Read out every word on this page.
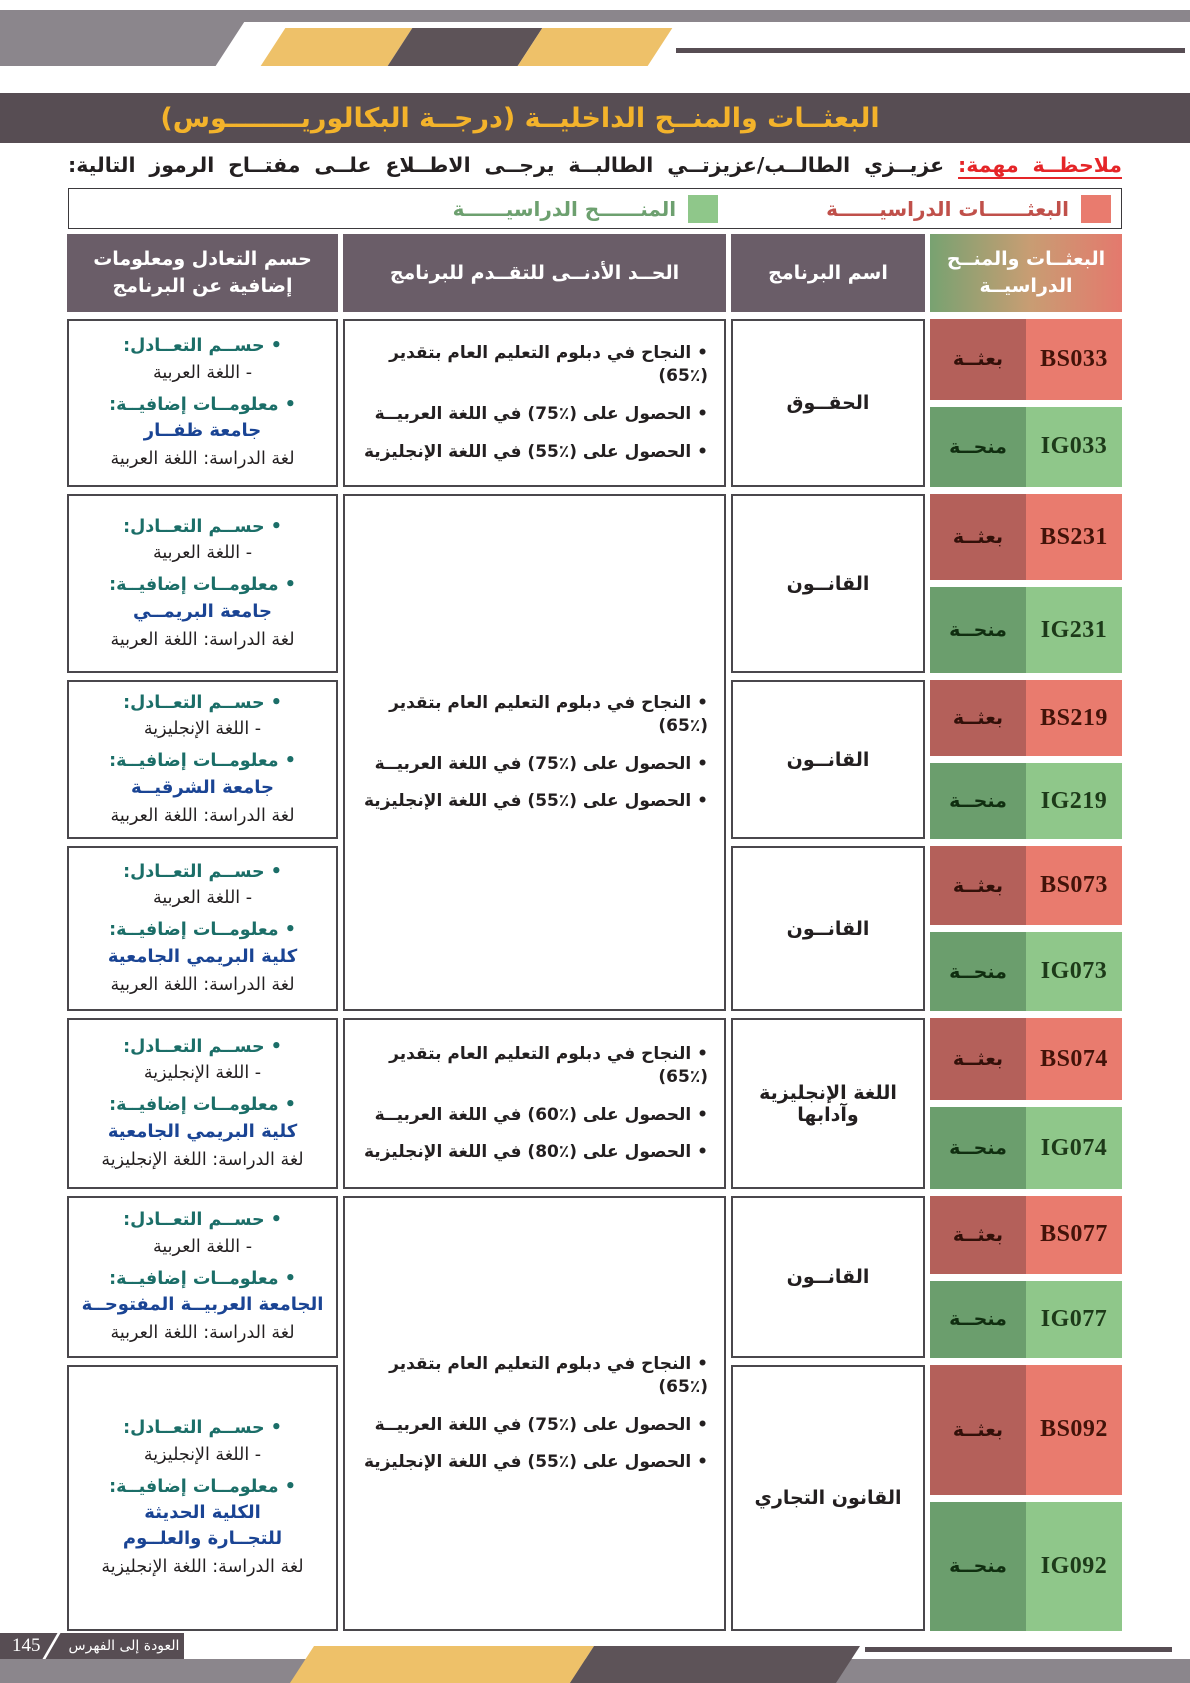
البعثــات والمنــح الداخليــة (درجــة البكالوريــــــــوس)
ملاحظــة مهمة: عزيــزي الطالــب/عزيزتــي الطالبــة يرجــى الاطــلاع علــى مفتــاح الرموز التالية:
البعثــــــات الدراسيــــــة
المنــــــح الدراسيــــــة
البعثــات والمنــح الدراسيــة
اسم البرنامج
الحــد الأدنــى للتقــدم للبرنامج
حسم التعادل ومعلومات إضافية عن البرنامج
بعثــة BS033
منحــة IG033
الحقــوق
• النجاح في دبلوم التعليم العام بتقدير (٪65)
• الحصول على (٪75) في اللغة العربيــة
• الحصول على (٪55) في اللغة الإنجليزية
• حســم التعــادل:
- اللغة العربية
• معلومــات إضافيــة:
جامعة ظفــار
لغة الدراسة: اللغة العربية
بعثــة BS231
منحــة IG231
القانــون
• النجاح في دبلوم التعليم العام بتقدير (٪65)
• الحصول على (٪75) في اللغة العربيــة
• الحصول على (٪55) في اللغة الإنجليزية
• حســم التعــادل:
- اللغة العربية
• معلومــات إضافيــة:
جامعة البريمــي
لغة الدراسة: اللغة العربية
بعثــة BS219
منحــة IG219
القانــون
• حســم التعــادل:
- اللغة الإنجليزية
• معلومــات إضافيــة:
جامعة الشرقيــة
لغة الدراسة: اللغة العربية
بعثــة BS073
منحــة IG073
القانــون
• حســم التعــادل:
- اللغة العربية
• معلومــات إضافيــة:
كلية البريمي الجامعية
لغة الدراسة: اللغة العربية
بعثــة BS074
منحــة IG074
اللغة الإنجليزية وآدابها
• النجاح في دبلوم التعليم العام بتقدير (٪65)
• الحصول على (٪60) في اللغة العربيــة
• الحصول على (٪80) في اللغة الإنجليزية
• حســم التعــادل:
- اللغة الإنجليزية
• معلومــات إضافيــة:
كلية البريمي الجامعية
لغة الدراسة: اللغة الإنجليزية
بعثــة BS077
منحــة IG077
القانــون
• النجاح في دبلوم التعليم العام بتقدير (٪65)
• الحصول على (٪75) في اللغة العربيــة
• الحصول على (٪55) في اللغة الإنجليزية
• حســم التعــادل:
- اللغة العربية
• معلومــات إضافيــة:
الجامعة العربيــة المفتوحــة
لغة الدراسة: اللغة العربية
بعثــة BS092
منحــة IG092
القانون التجاري
• حســم التعــادل:
- اللغة الإنجليزية
• معلومــات إضافيــة:
الكلية الحديثة
للتجــارة والعلــوم
لغة الدراسة: اللغة الإنجليزية
145 العودة إلى الفهرس
